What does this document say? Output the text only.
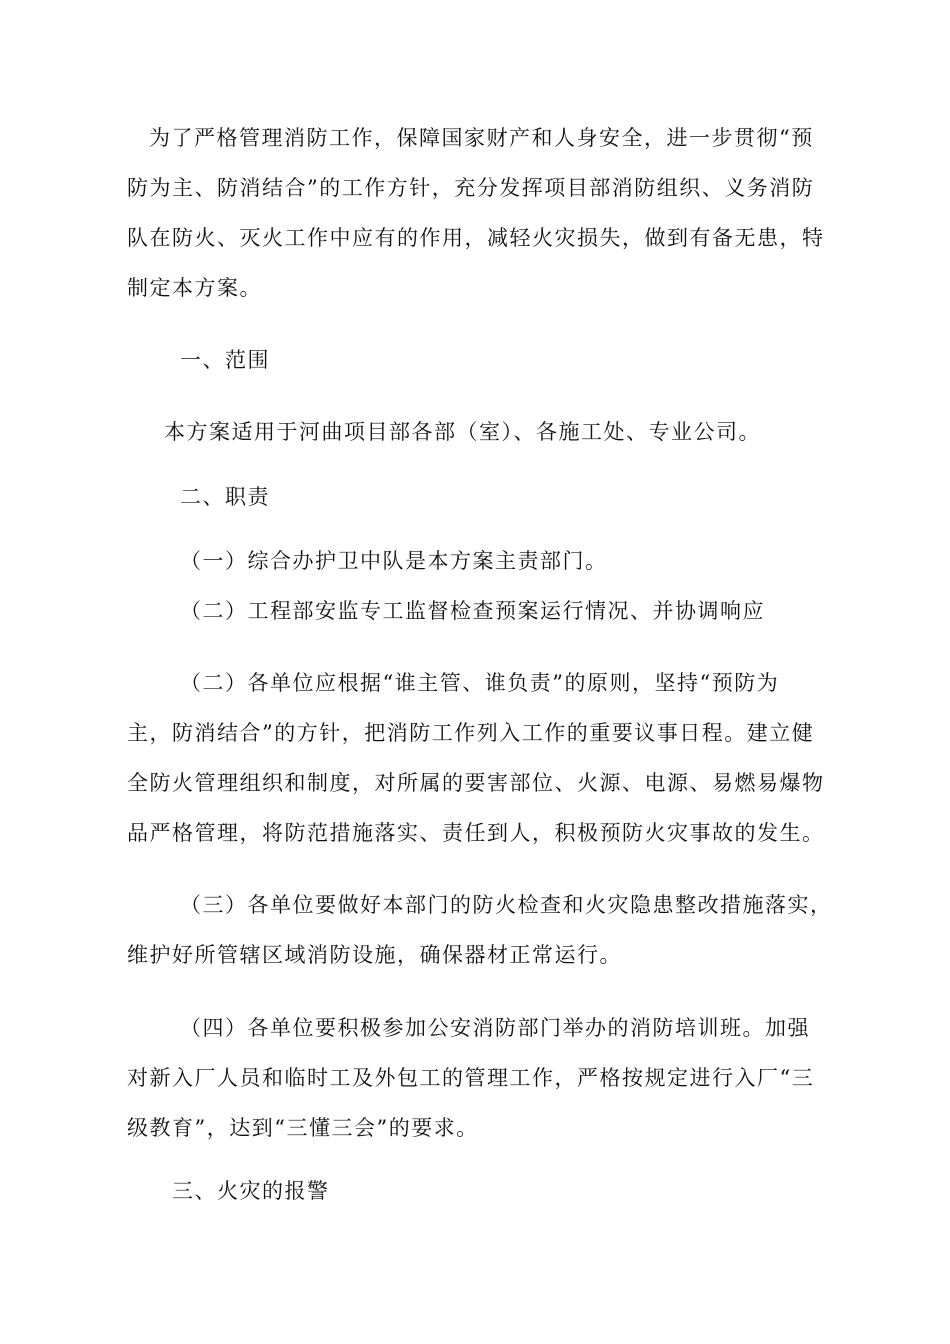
为了严格管理消防工作，保障国家财产和人身安全，进一步贯彻“预
防为主、防消结合”的工作方针，充分发挥项目部消防组织、义务消防
队在防火、灭火工作中应有的作用，减轻火灾损失，做到有备无患，特
制定本方案。
一、范围
本方案适用于河曲项目部各部（室）、各施工处、专业公司。
二、职责
（一）综合办护卫中队是本方案主责部门。
（二）工程部安监专工监督检查预案运行情况、并协调响应
（二）各单位应根据“谁主管、谁负责”的原则，坚持“预防为
主，防消结合”的方针，把消防工作列入工作的重要议事日程。建立健
全防火管理组织和制度，对所属的要害部位、火源、电源、易燃易爆物
品严格管理，将防范措施落实、责任到人，积极预防火灾事故的发生。
（三）各单位要做好本部门的防火检查和火灾隐患整改措施落实，
维护好所管辖区域消防设施，确保器材正常运行。
（四）各单位要积极参加公安消防部门举办的消防培训班。加强
对新入厂人员和临时工及外包工的管理工作，严格按规定进行入厂“三
级教育”，达到“三懂三会”的要求。
三、火灾的报警
